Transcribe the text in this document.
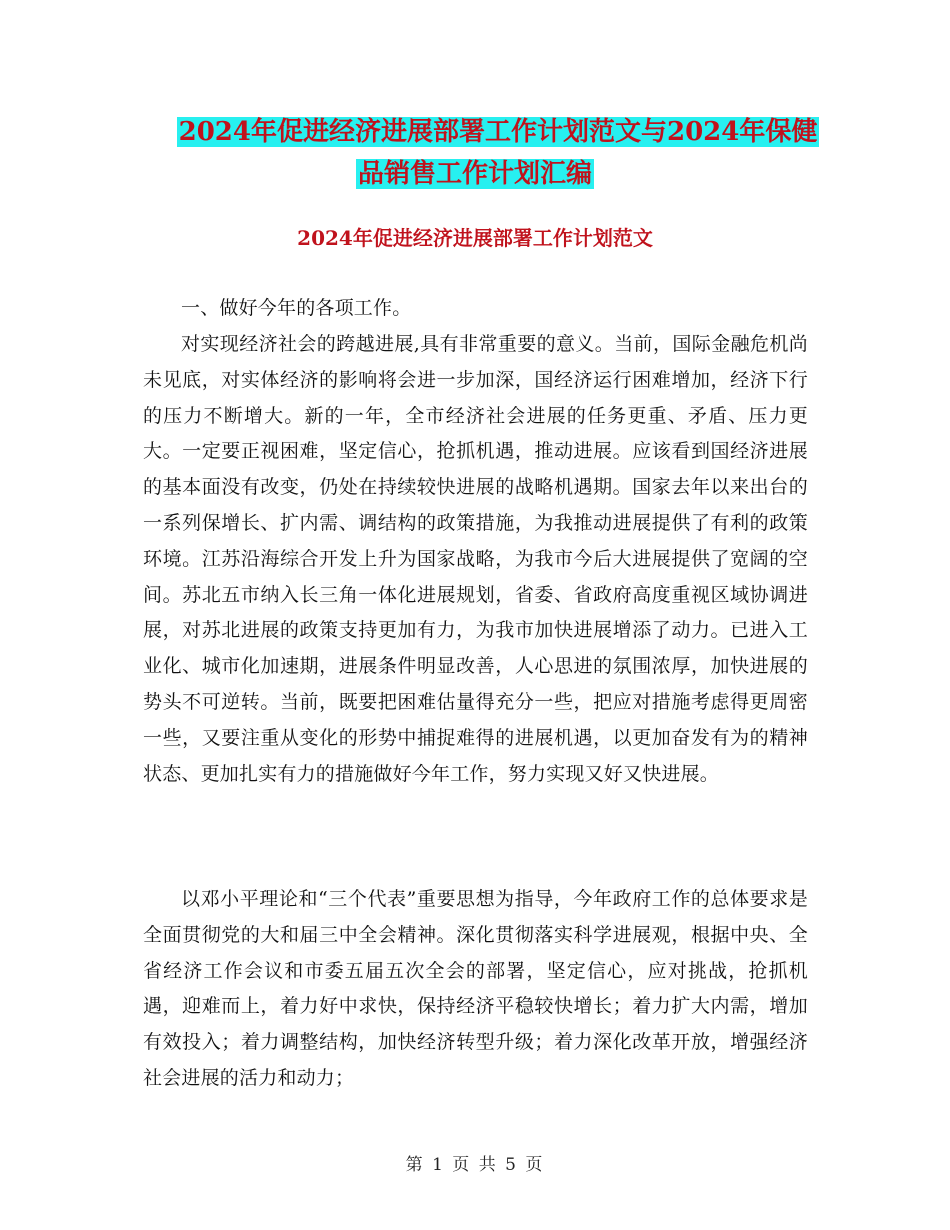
2024年促进经济进展部署工作计划范文与2024年保健
品销售工作计划汇编
2024年促进经济进展部署工作计划范文
一、做好今年的各项工作。
对实现经济社会的跨越进展,具有非常重要的意义。当前，国际金融危机尚未见底，对实体经济的影响将会进一步加深，国经济运行困难增加，经济下行的压力不断增大。新的一年，全市经济社会进展的任务更重、矛盾、压力更大。一定要正视困难，坚定信心，抢抓机遇，推动进展。应该看到国经济进展的基本面没有改变，仍处在持续较快进展的战略机遇期。国家去年以来出台的一系列保增长、扩内需、调结构的政策措施，为我推动进展提供了有利的政策环境。江苏沿海综合开发上升为国家战略，为我市今后大进展提供了宽阔的空间。苏北五市纳入长三角一体化进展规划，省委、省政府高度重视区域协调进展，对苏北进展的政策支持更加有力，为我市加快进展增添了动力。已进入工业化、城市化加速期，进展条件明显改善，人心思进的氛围浓厚，加快进展的势头不可逆转。当前，既要把困难估量得充分一些，把应对措施考虑得更周密一些，又要注重从变化的形势中捕捉难得的进展机遇，以更加奋发有为的精神状态、更加扎实有力的措施做好今年工作，努力实现又好又快进展。
以邓小平理论和“三个代表”重要思想为指导，今年政府工作的总体要求是全面贯彻党的大和届三中全会精神。深化贯彻落实科学进展观，根据中央、全省经济工作会议和市委五届五次全会的部署，坚定信心，应对挑战，抢抓机遇，迎难而上，着力好中求快，保持经济平稳较快增长；着力扩大内需，增加有效投入；着力调整结构，加快经济转型升级；着力深化改革开放，增强经济社会进展的活力和动力；
第 1 页 共 5 页
